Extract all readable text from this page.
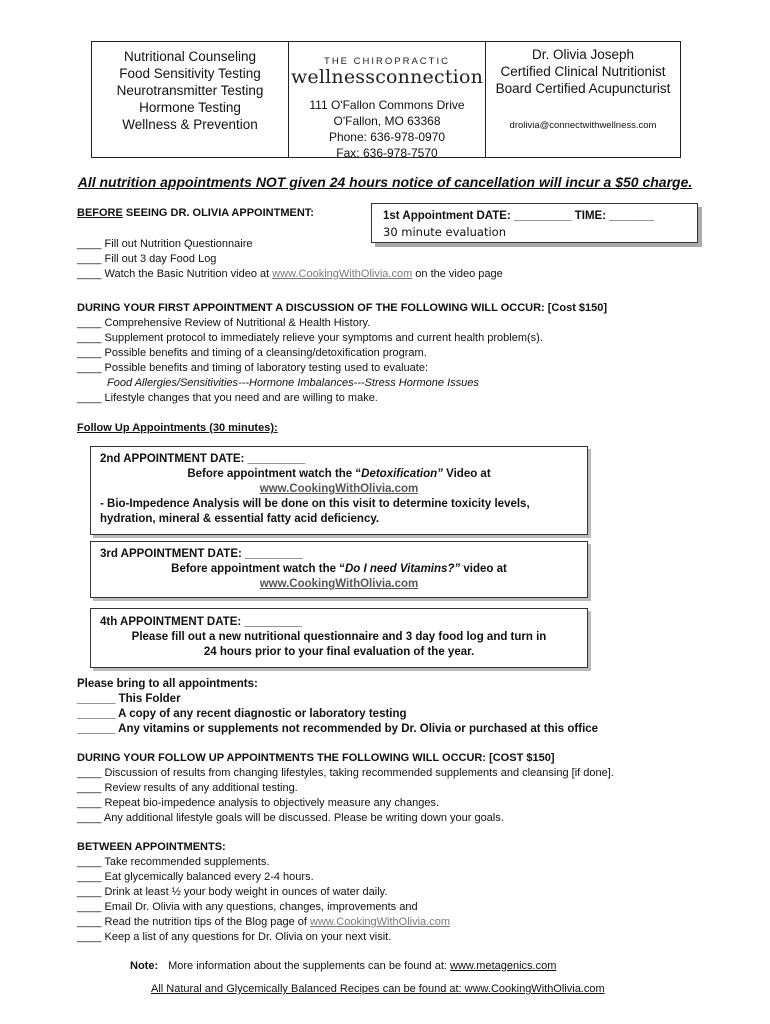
Nutritional Counseling
Food Sensitivity Testing
Neurotransmitter Testing
Hormone Testing
Wellness & Prevention
THE CHIROPRACTIC
wellnessconnection
111 O'Fallon Commons Drive
O'Fallon, MO 63368
Phone: 636-978-0970
Fax: 636-978-7570
Dr. Olivia Joseph
Certified Clinical Nutritionist
Board Certified Acupuncturist
drolivia@connectwithwellness.com
All nutrition appointments NOT given 24 hours notice of cancellation will incur a $50 charge.
BEFORE SEEING DR. OLIVIA APPOINTMENT:	1st Appointment DATE: _________ TIME: _______
30 minute evaluation
____ Fill out Nutrition Questionnaire
____ Fill out 3 day Food Log
____ Watch the Basic Nutrition video at www.CookingWithOlivia.com on the video page
DURING YOUR FIRST APPOINTMENT A DISCUSSION OF THE FOLLOWING WILL OCCUR: [Cost $150]
____ Comprehensive Review of Nutritional & Health History.
____ Supplement protocol to immediately relieve your symptoms and current health problem(s).
____ Possible benefits and timing of a cleansing/detoxification program.
____ Possible benefits and timing of laboratory testing used to evaluate:
Food Allergies/Sensitivities---Hormone Imbalances---Stress Hormone Issues
____ Lifestyle changes that you need and are willing to make.
Follow Up Appointments (30 minutes):
2nd APPOINTMENT DATE: _________
Before appointment watch the “Detoxification” Video at
www.CookingWithOlivia.com
- Bio-Impedence Analysis will be done on this visit to determine toxicity levels,
hydration, mineral & essential fatty acid deficiency.
3rd APPOINTMENT DATE: _________
Before appointment watch the “Do I need Vitamins?” video at
www.CookingWithOlivia.com
4th APPOINTMENT DATE: _________
Please fill out a new nutritional questionnaire and 3 day food log and turn in
24 hours prior to your final evaluation of the year.
Please bring to all appointments:
______ This Folder
______ A copy of any recent diagnostic or laboratory testing
______ Any vitamins or supplements not recommended by Dr. Olivia or purchased at this office
DURING YOUR FOLLOW UP APPOINTMENTS THE FOLLOWING WILL OCCUR: [COST $150]
____ Discussion of results from changing lifestyles, taking recommended supplements and cleansing [if done].
____ Review results of any additional testing.
____ Repeat bio-impedence analysis to objectively measure any changes.
____ Any additional lifestyle goals will be discussed. Please be writing down your goals.
BETWEEN APPOINTMENTS:
____ Take recommended supplements.
____ Eat glycemically balanced every 2-4 hours.
____ Drink at least ½ your body weight in ounces of water daily.
____ Email Dr. Olivia with any questions, changes, improvements and
____ Read the nutrition tips of the Blog page of www.CookingWithOlivia.com
____ Keep a list of any questions for Dr. Olivia on your next visit.
Note: More information about the supplements can be found at: www.metagenics.com
All Natural and Glycemically Balanced Recipes can be found at: www.CookingWithOlivia.com
